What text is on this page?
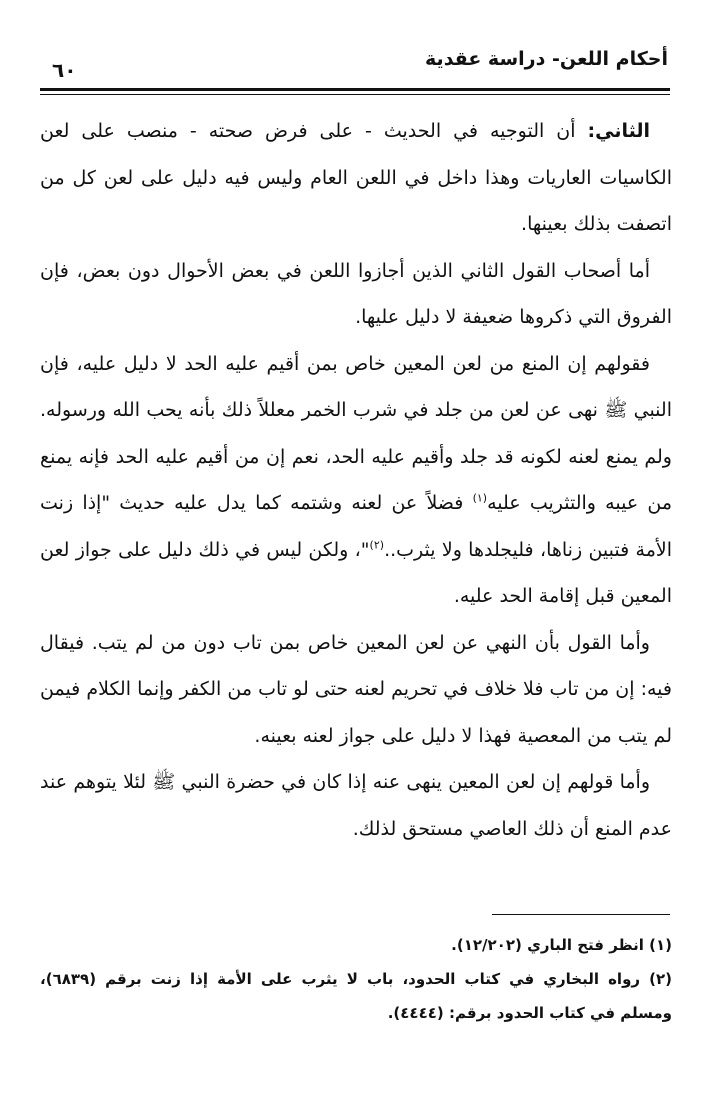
أحكام اللعن- دراسة عقدية
٦٠

الثاني: أن التوجيه في الحديث - على فرض صحته - منصب على لعن الكاسيات العاريات وهذا داخل في اللعن العام وليس فيه دليل على لعن كل من اتصفت بذلك بعينها.

أما أصحاب القول الثاني الذين أجازوا اللعن في بعض الأحوال دون بعض، فإن الفروق التي ذكروها ضعيفة لا دليل عليها.

فقولهم إن المنع من لعن المعين خاص بمن أقيم عليه الحد لا دليل عليه، فإن النبي ﷺ نهى عن لعن من جلد في شرب الخمر معللاً ذلك بأنه يحب الله ورسوله. ولم يمنع لعنه لكونه قد جلد وأقيم عليه الحد، نعم إن من أقيم عليه الحد فإنه يمنع من عيبه والتثريب عليه$^{(١)}$ فضلاً عن لعنه وشتمه كما يدل عليه حديث "إذا زنت الأمة فتبين زناها، فليجلدها ولا يثرب..$^{(٢)}$"، ولكن ليس في ذلك دليل على جواز لعن المعين قبل إقامة الحد عليه.

وأما القول بأن النهي عن لعن المعين خاص بمن تاب دون من لم يتب. فيقال فيه: إن من تاب فلا خلاف في تحريم لعنه حتى لو تاب من الكفر وإنما الكلام فيمن لم يتب من المعصية فهذا لا دليل على جواز لعنه بعينه.

وأما قولهم إن لعن المعين ينهى عنه إذا كان في حضرة النبي ﷺ لئلا يتوهم عند عدم المنع أن ذلك العاصي مستحق لذلك.

(١) انظر فتح الباري (١٢/٢٠٢).

(٢) رواه البخاري في كتاب الحدود، باب لا يثرب على الأمة إذا زنت برقم (٦٨٣٩)، ومسلم في كتاب الحدود برقم: (٤٤٤٤).
